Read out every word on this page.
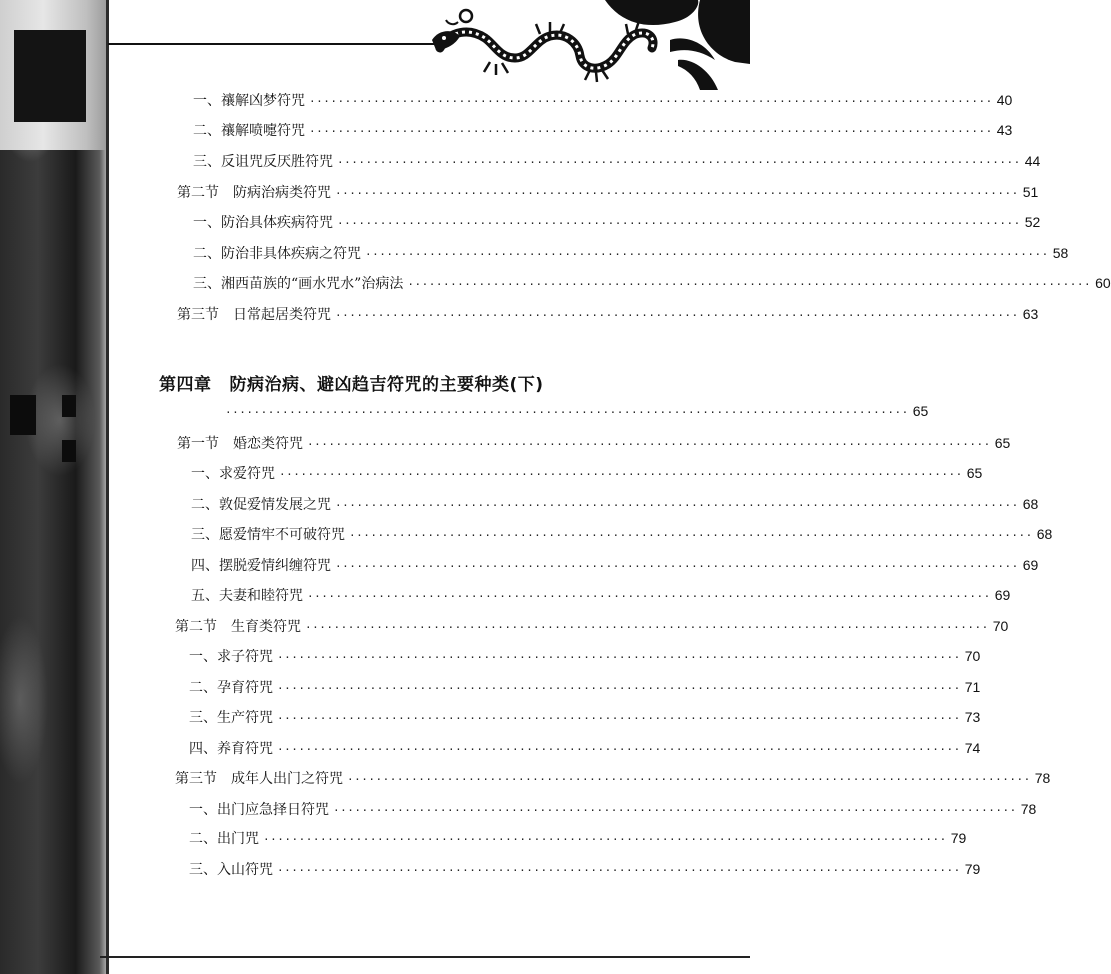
一、禳解凶梦符咒 ································································································ 40
二、禳解喷嚏符咒 ································································································ 43
三、反诅咒反厌胜符咒 ································································································ 44
第二节　防病治病类符咒 ································································································ 51
一、防治具体疾病符咒 ································································································ 52
二、防治非具体疾病之符咒 ································································································ 58
三、湘西苗族的“画水咒水”治病法 ································································································ 60
第三节　日常起居类符咒 ································································································ 63
第四章 防病治病、避凶趋吉符咒的主要种类(下)
································································································ 65
第一节　婚恋类符咒 ································································································ 65
一、求爱符咒 ································································································ 65
二、敦促爱情发展之咒 ································································································ 68
三、愿爱情牢不可破符咒 ································································································ 68
四、摆脱爱情纠缠符咒 ································································································ 69
五、夫妻和睦符咒 ································································································ 69
第二节　生育类符咒 ································································································ 70
一、求子符咒 ································································································ 70
二、孕育符咒 ································································································ 71
三、生产符咒 ································································································ 73
四、养育符咒 ································································································ 74
第三节　成年人出门之符咒 ································································································ 78
一、出门应急择日符咒 ································································································ 78
二、出门咒 ································································································ 79
三、入山符咒 ································································································ 79
